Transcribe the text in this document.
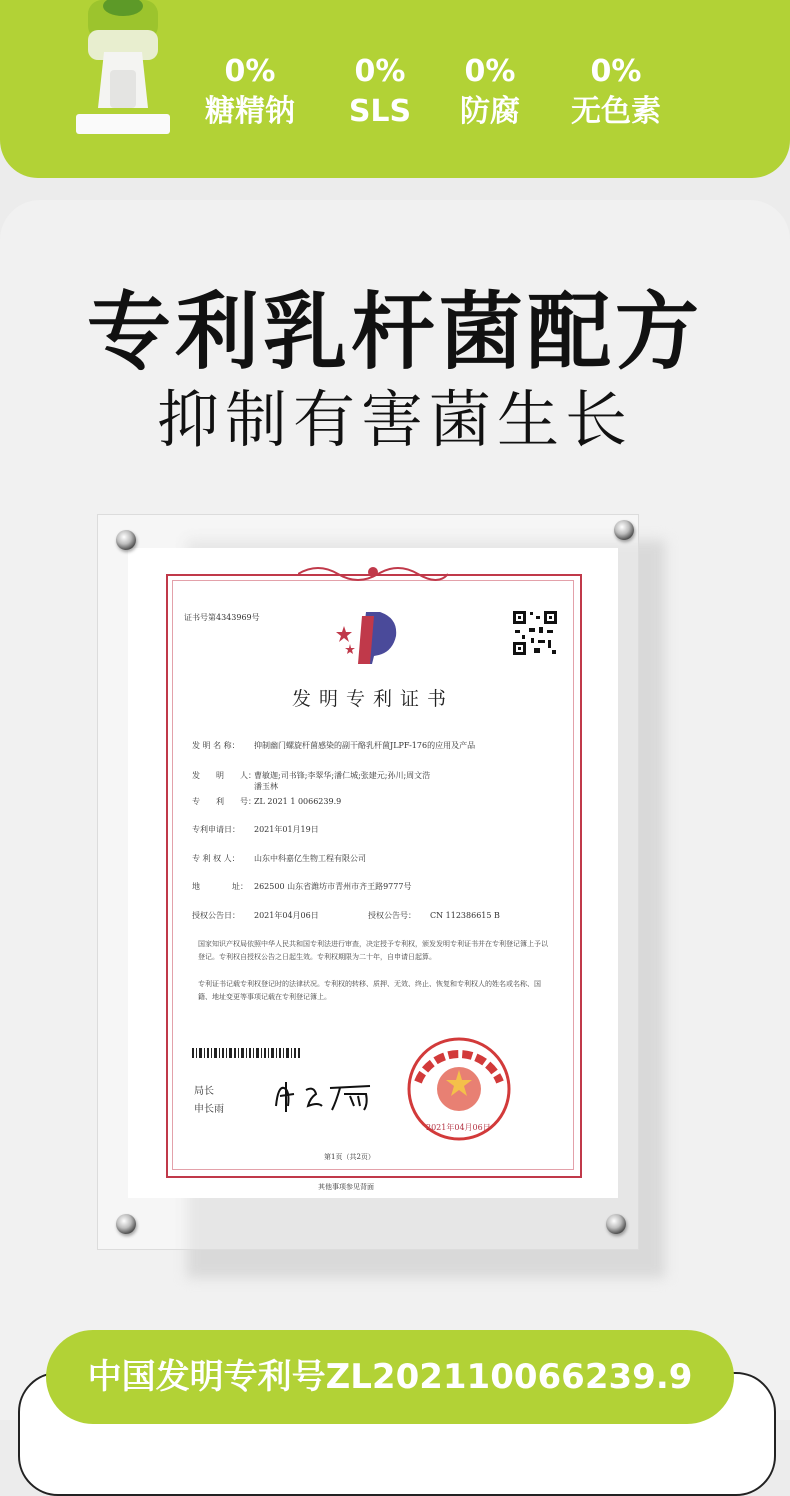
0%
糖精钠
0%
SLS
0%
防腐
0%
无色素
专利乳杆菌配方
抑制有害菌生长
证书号第4343969号
发明专利证书
发 明 名 称： 抑制幽门螺旋杆菌感染的副干酪乳杆菌JLPF-176的应用及产品
发　　明　　人：
曹敏迦;司书锋;李翠华;潘仁城;张建元;孙川;周文浩
潘玉林
专　　利　　号：
ZL 2021 1 0066239.9
专利申请日： 2021年01月19日
专 利 权 人： 山东中科嘉亿生物工程有限公司
地　　　　址： 262500 山东省潍坊市青州市齐王路9777号
授权公告日： 2021年04月06日	授权公告号： CN 112386615 B
国家知识产权局依照中华人民共和国专利法进行审查，决定授予专利权，颁发发明专利证书并在专利登记簿上予以登记。专利权自授权公告之日起生效。专利权期限为二十年，自申请日起算。
专利证书记载专利权登记时的法律状况。专利权的转移、质押、无效、终止、恢复和专利权人的姓名或名称、国籍、地址变更等事项记载在专利登记簿上。
局长
申长雨
2021年04月06日
第1页（共2页）
其他事项参见背面
中国发明专利号ZL202110066239.9
